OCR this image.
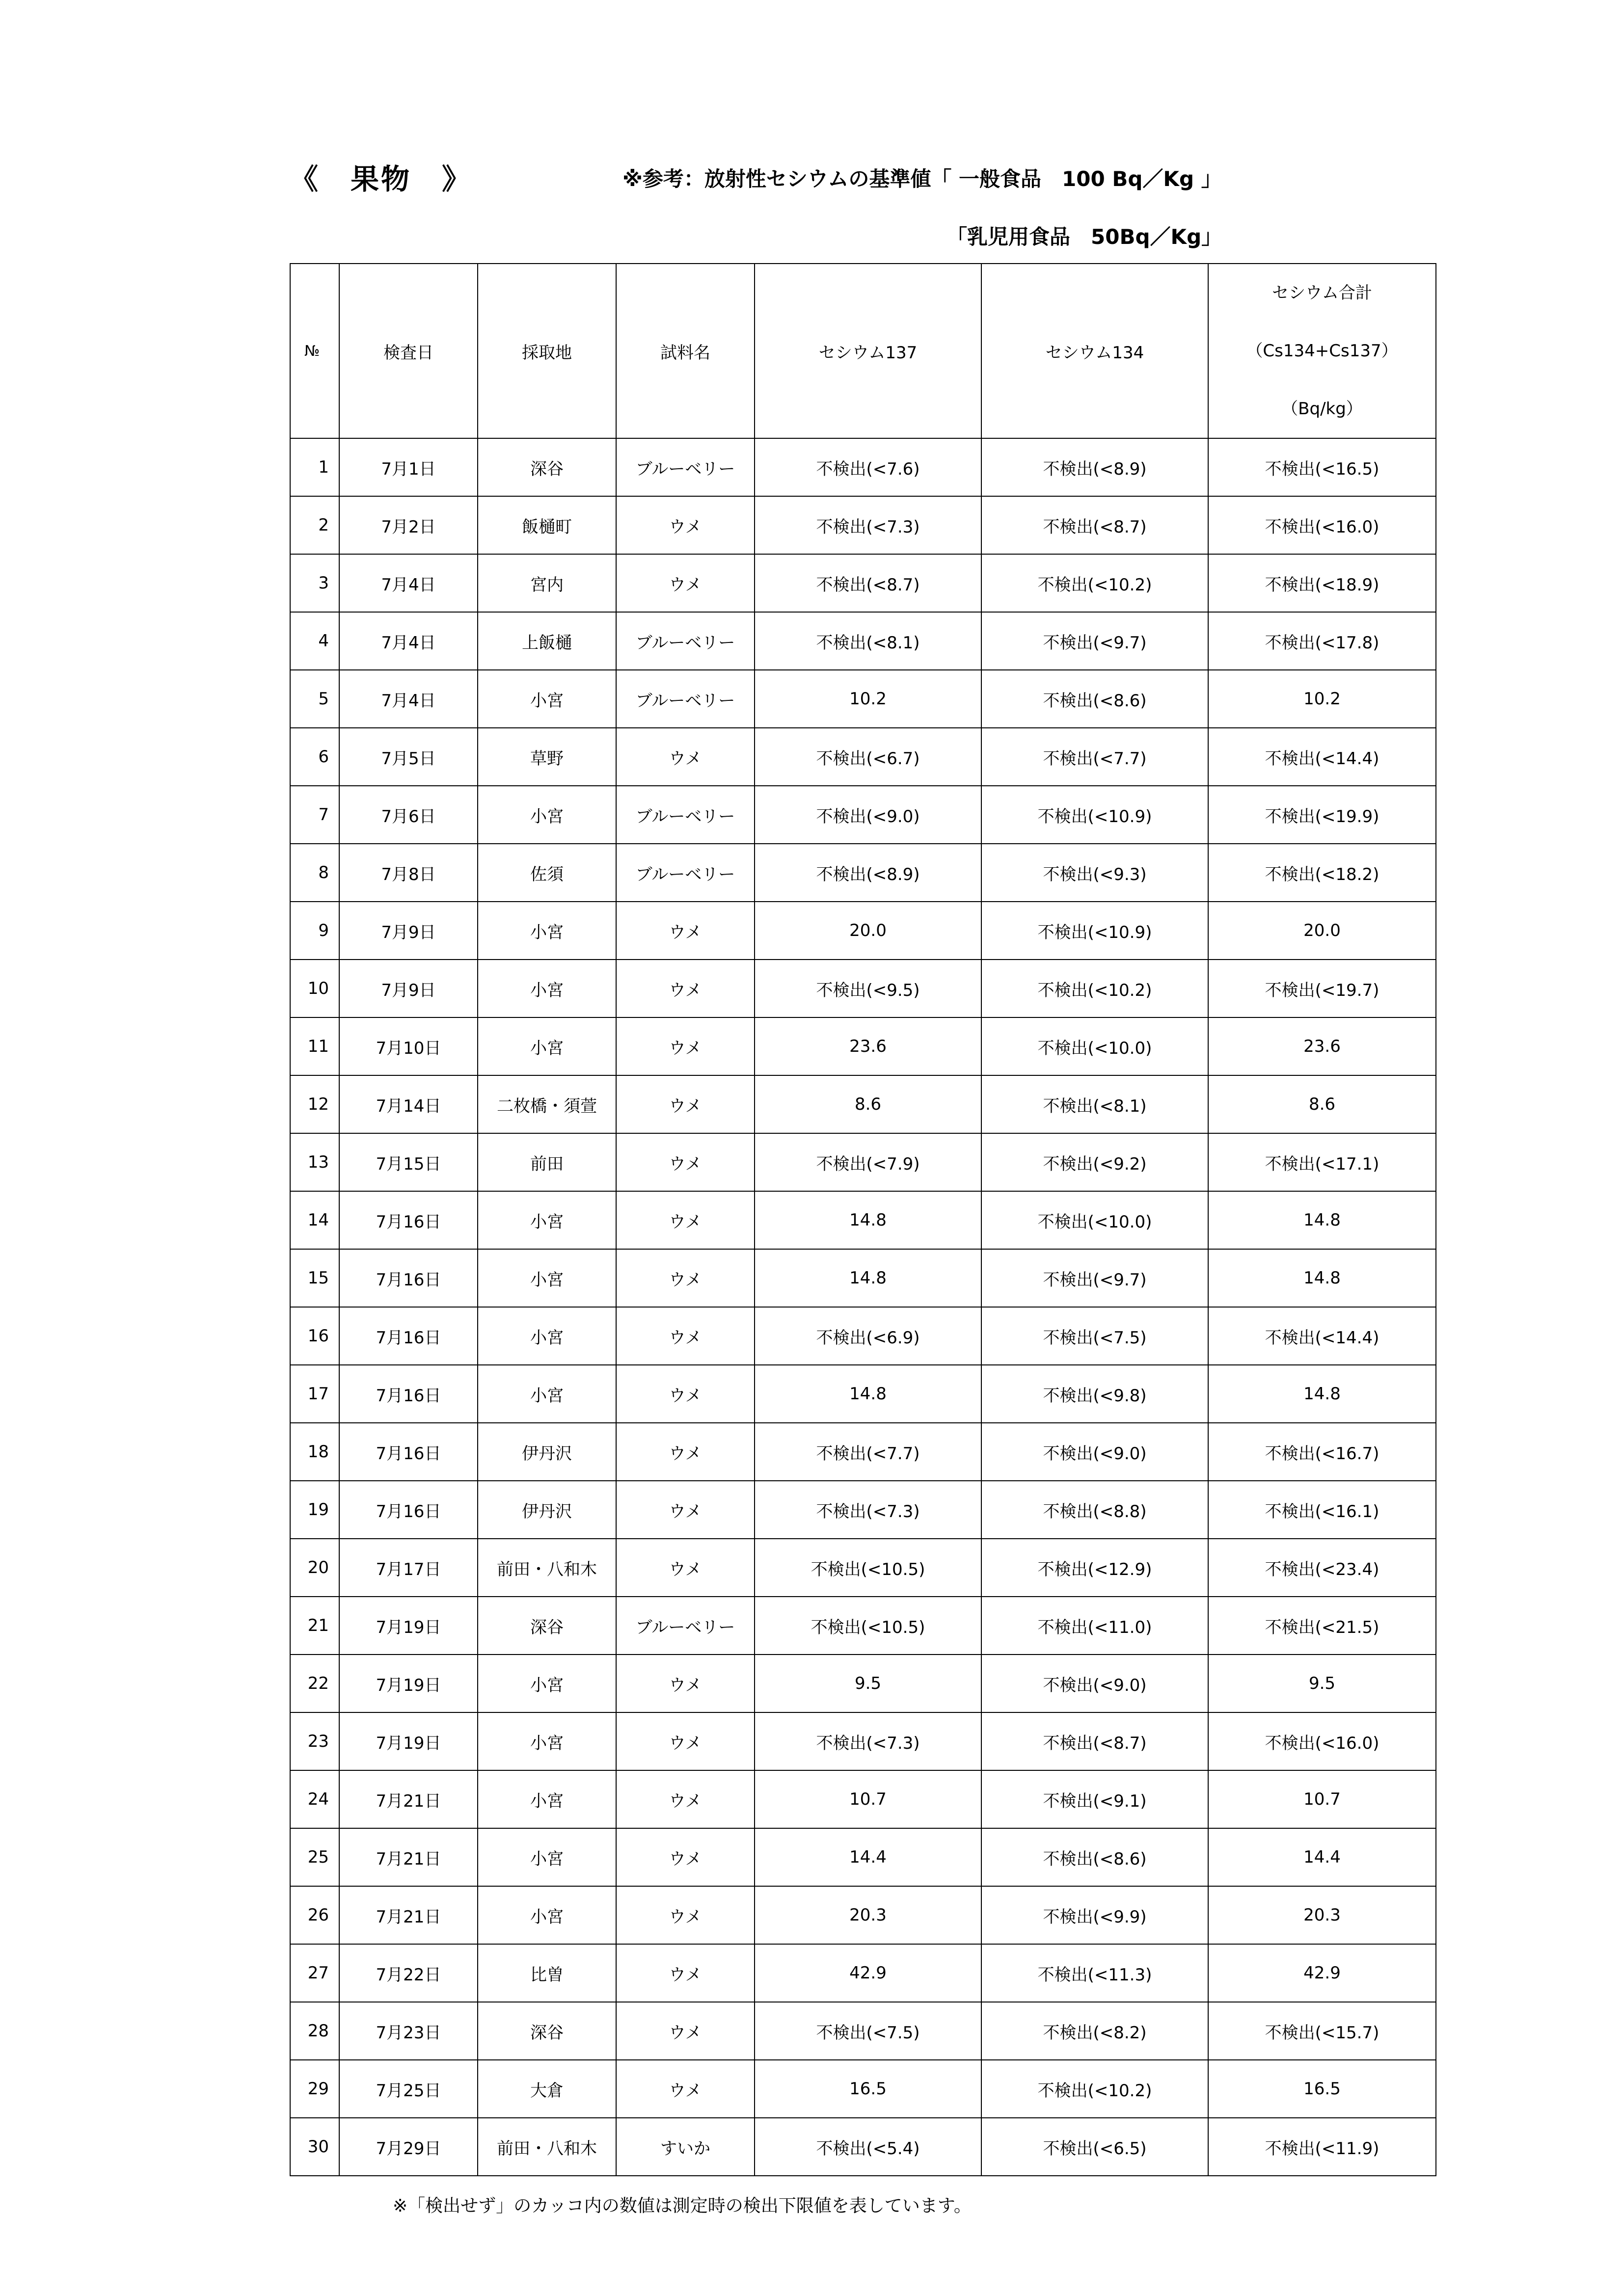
《　果物　》	※参考：放射性セシウムの基準値「 一般食品　100 Bq／Kg 」
「乳児用食品　50Bq／Kg」
№	検査日	採取地	試料名	セシウム137	セシウム134	セシウム合計
（Cs134+Cs137）
（Bq/kg）

1	7月1日	深谷	ブルーベリー	不検出(<7.6)	不検出(<8.9)	不検出(<16.5)
2	7月2日	飯樋町	ウメ	不検出(<7.3)	不検出(<8.7)	不検出(<16.0)
3	7月4日	宮内	ウメ	不検出(<8.7)	不検出(<10.2)	不検出(<18.9)
4	7月4日	上飯樋	ブルーベリー	不検出(<8.1)	不検出(<9.7)	不検出(<17.8)
5	7月4日	小宮	ブルーベリー	10.2	不検出(<8.6)	10.2
6	7月5日	草野	ウメ	不検出(<6.7)	不検出(<7.7)	不検出(<14.4)
7	7月6日	小宮	ブルーベリー	不検出(<9.0)	不検出(<10.9)	不検出(<19.9)
8	7月8日	佐須	ブルーベリー	不検出(<8.9)	不検出(<9.3)	不検出(<18.2)
9	7月9日	小宮	ウメ	20.0	不検出(<10.9)	20.0
10	7月9日	小宮	ウメ	不検出(<9.5)	不検出(<10.2)	不検出(<19.7)
11	7月10日	小宮	ウメ	23.6	不検出(<10.0)	23.6
12	7月14日	二枚橋・須萱	ウメ	8.6	不検出(<8.1)	8.6
13	7月15日	前田	ウメ	不検出(<7.9)	不検出(<9.2)	不検出(<17.1)
14	7月16日	小宮	ウメ	14.8	不検出(<10.0)	14.8
15	7月16日	小宮	ウメ	14.8	不検出(<9.7)	14.8
16	7月16日	小宮	ウメ	不検出(<6.9)	不検出(<7.5)	不検出(<14.4)
17	7月16日	小宮	ウメ	14.8	不検出(<9.8)	14.8
18	7月16日	伊丹沢	ウメ	不検出(<7.7)	不検出(<9.0)	不検出(<16.7)
19	7月16日	伊丹沢	ウメ	不検出(<7.3)	不検出(<8.8)	不検出(<16.1)
20	7月17日	前田・八和木	ウメ	不検出(<10.5)	不検出(<12.9)	不検出(<23.4)
21	7月19日	深谷	ブルーベリー	不検出(<10.5)	不検出(<11.0)	不検出(<21.5)
22	7月19日	小宮	ウメ	9.5	不検出(<9.0)	9.5
23	7月19日	小宮	ウメ	不検出(<7.3)	不検出(<8.7)	不検出(<16.0)
24	7月21日	小宮	ウメ	10.7	不検出(<9.1)	10.7
25	7月21日	小宮	ウメ	14.4	不検出(<8.6)	14.4
26	7月21日	小宮	ウメ	20.3	不検出(<9.9)	20.3
27	7月22日	比曽	ウメ	42.9	不検出(<11.3)	42.9
28	7月23日	深谷	ウメ	不検出(<7.5)	不検出(<8.2)	不検出(<15.7)
29	7月25日	大倉	ウメ	16.5	不検出(<10.2)	16.5
30	7月29日	前田・八和木	すいか	不検出(<5.4)	不検出(<6.5)	不検出(<11.9)
※「検出せず」のカッコ内の数値は測定時の検出下限値を表しています。
